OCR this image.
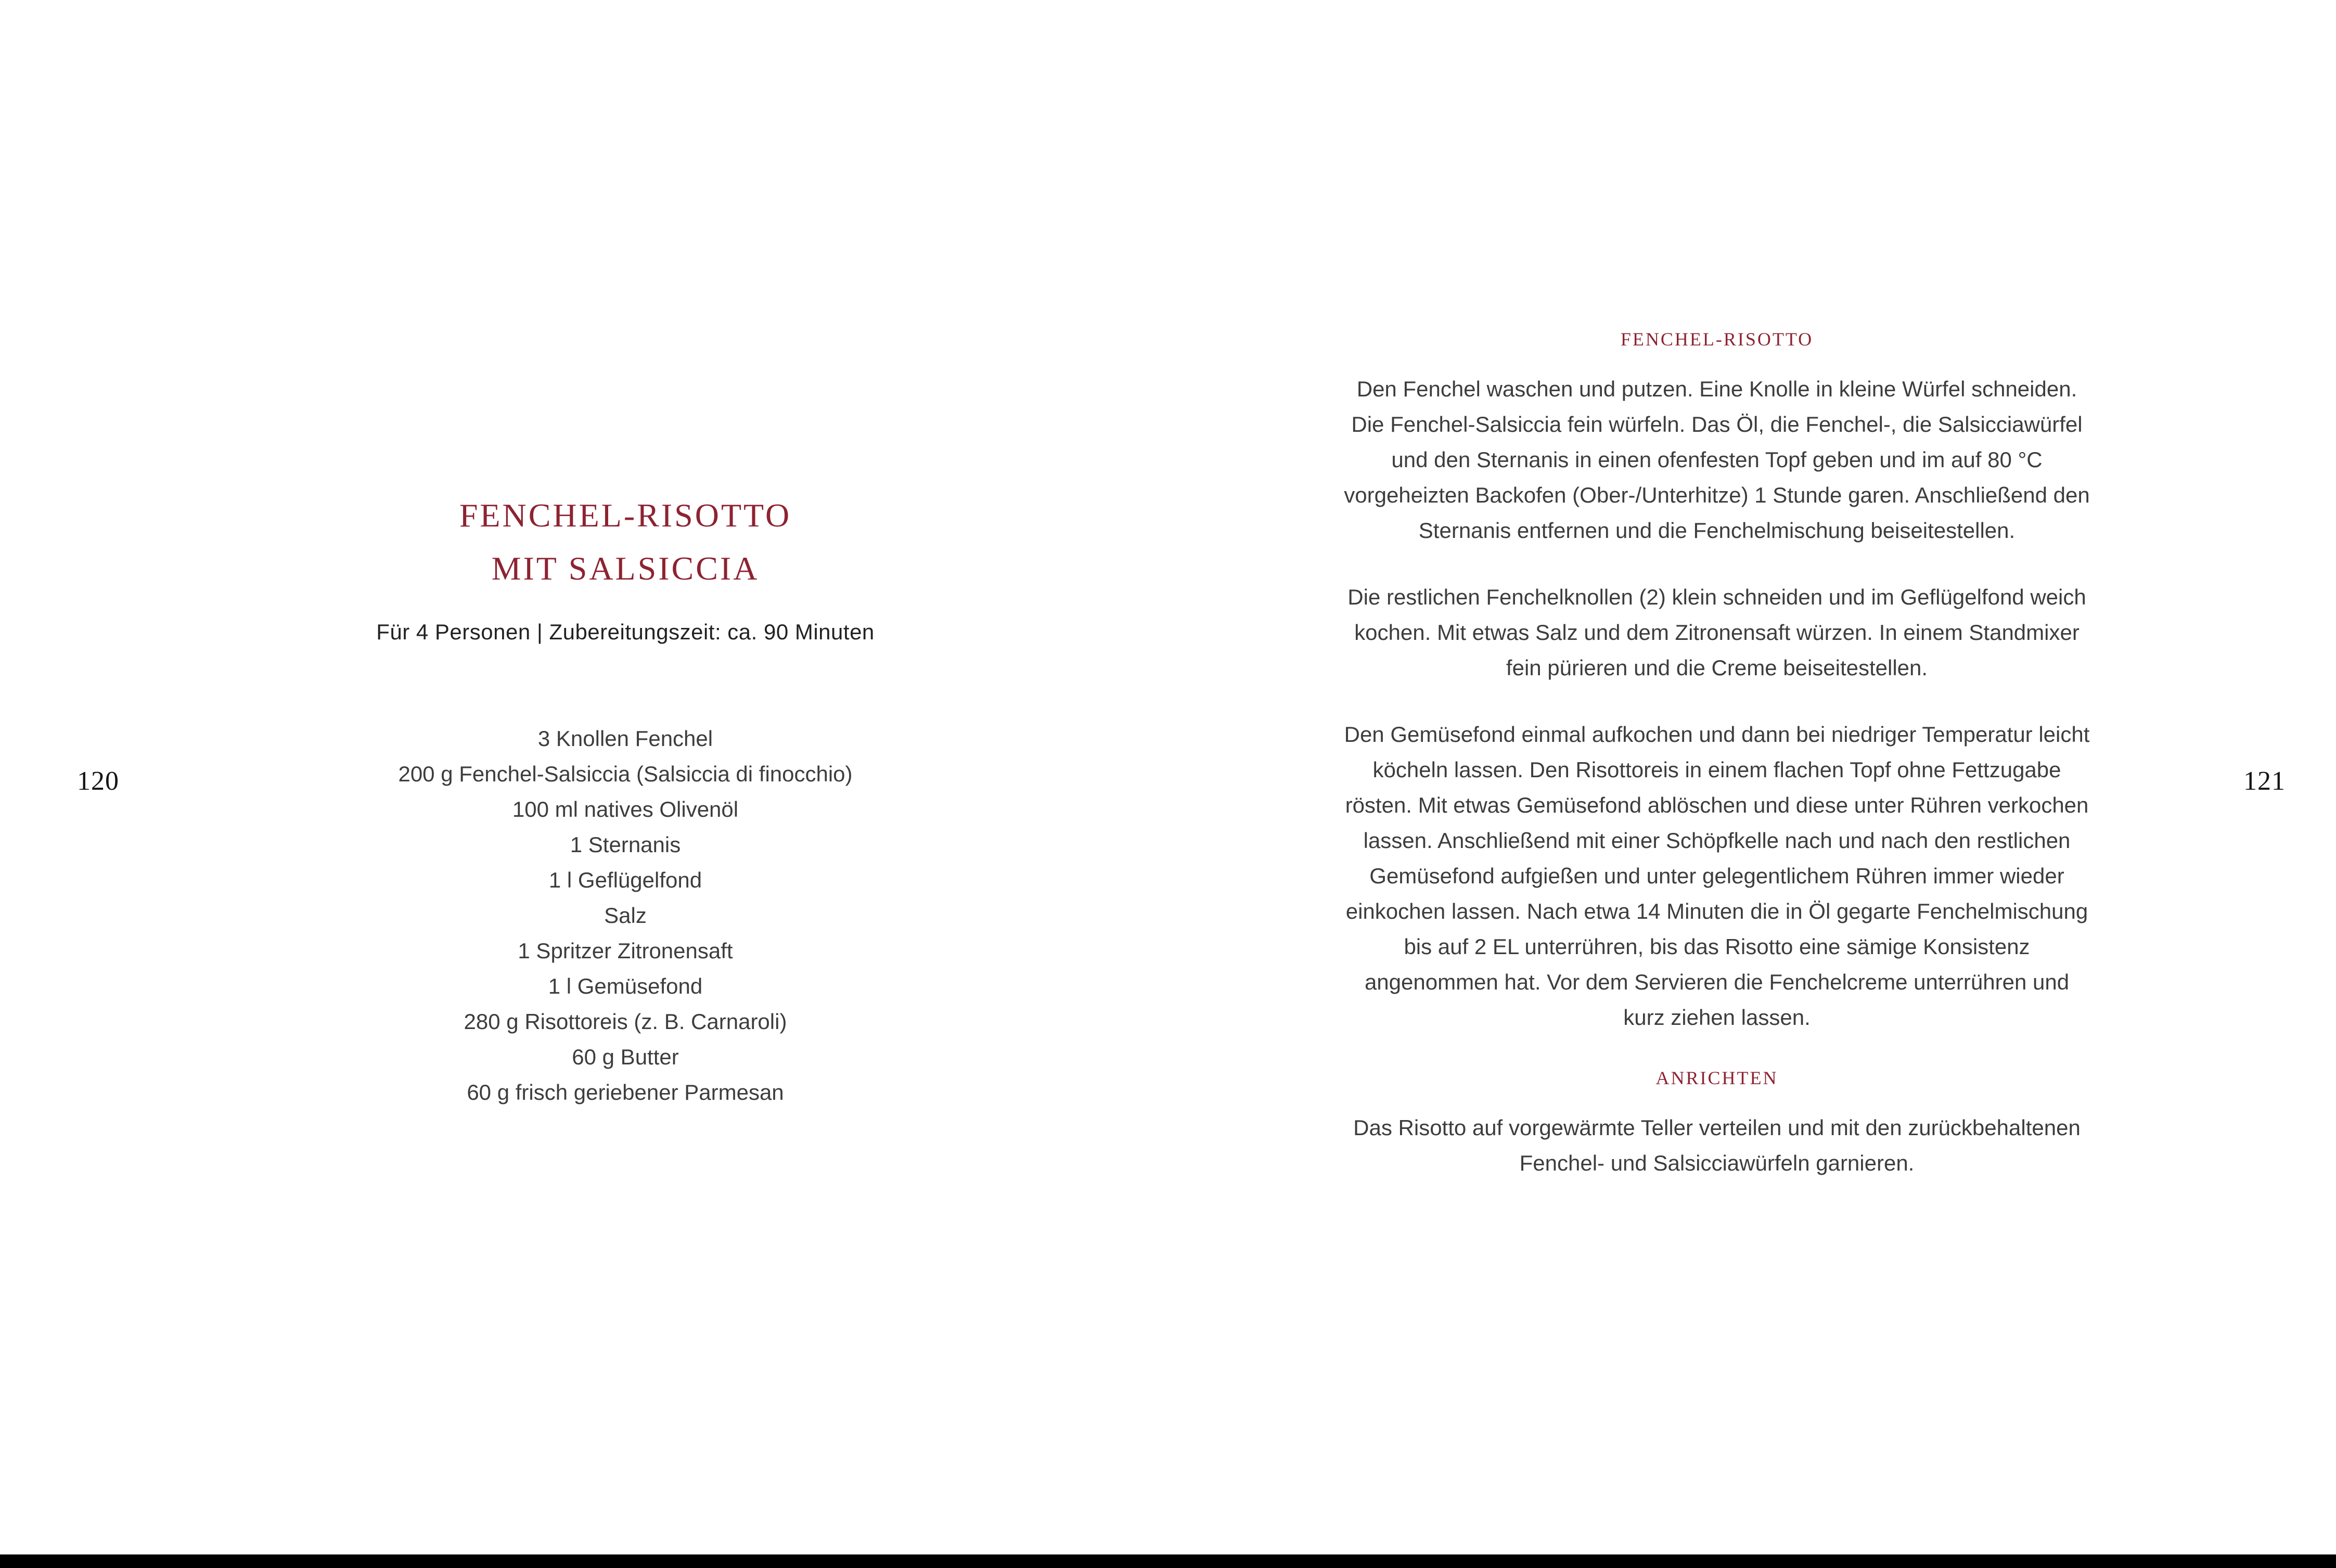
120
FENCHEL-RISOTTO
MIT SALSICCIA
Für 4 Personen | Zubereitungszeit: ca. 90 Minuten
3 Knollen Fenchel
200 g Fenchel-Salsiccia (Salsiccia di finocchio)
100 ml natives Olivenöl
1 Sternanis
1 l Geflügelfond
Salz
1 Spritzer Zitronensaft
1 l Gemüsefond
280 g Risottoreis (z. B. Carnaroli)
60 g Butter
60 g frisch geriebener Parmesan
FENCHEL-RISOTTO

Den Fenchel waschen und putzen. Eine Knolle in kleine Würfel schneiden. Die Fenchel-Salsiccia fein würfeln. Das Öl, die Fenchel-, die Salsicciawürfel und den Sternanis in einen ofenfesten Topf geben und im auf 80 °C vorgeheizten Backofen (Ober-/Unterhitze) 1 Stunde garen. Anschließend den Sternanis entfernen und die Fenchelmischung beiseitestellen.

Die restlichen Fenchelknollen (2) klein schneiden und im Geflügelfond weich kochen. Mit etwas Salz und dem Zitronensaft würzen. In einem Standmixer fein pürieren und die Creme beiseitestellen.

Den Gemüsefond einmal aufkochen und dann bei niedriger Temperatur leicht köcheln lassen. Den Risottoreis in einem flachen Topf ohne Fettzugabe rösten. Mit etwas Gemüsefond ablöschen und diese unter Rühren verkochen lassen. Anschließend mit einer Schöpfkelle nach und nach den restlichen Gemüsefond aufgießen und unter gelegentlichem Rühren immer wieder einkochen lassen. Nach etwa 14 Minuten die in Öl gegarte Fenchelmischung bis auf 2 EL unterrühren, bis das Risotto eine sämige Konsistenz angenommen hat. Vor dem Servieren die Fenchelcreme unterrühren und kurz ziehen lassen.

ANRICHTEN

Das Risotto auf vorgewärmte Teller verteilen und mit den zurückbehaltenen Fenchel- und Salsicciawürfeln garnieren.

121
